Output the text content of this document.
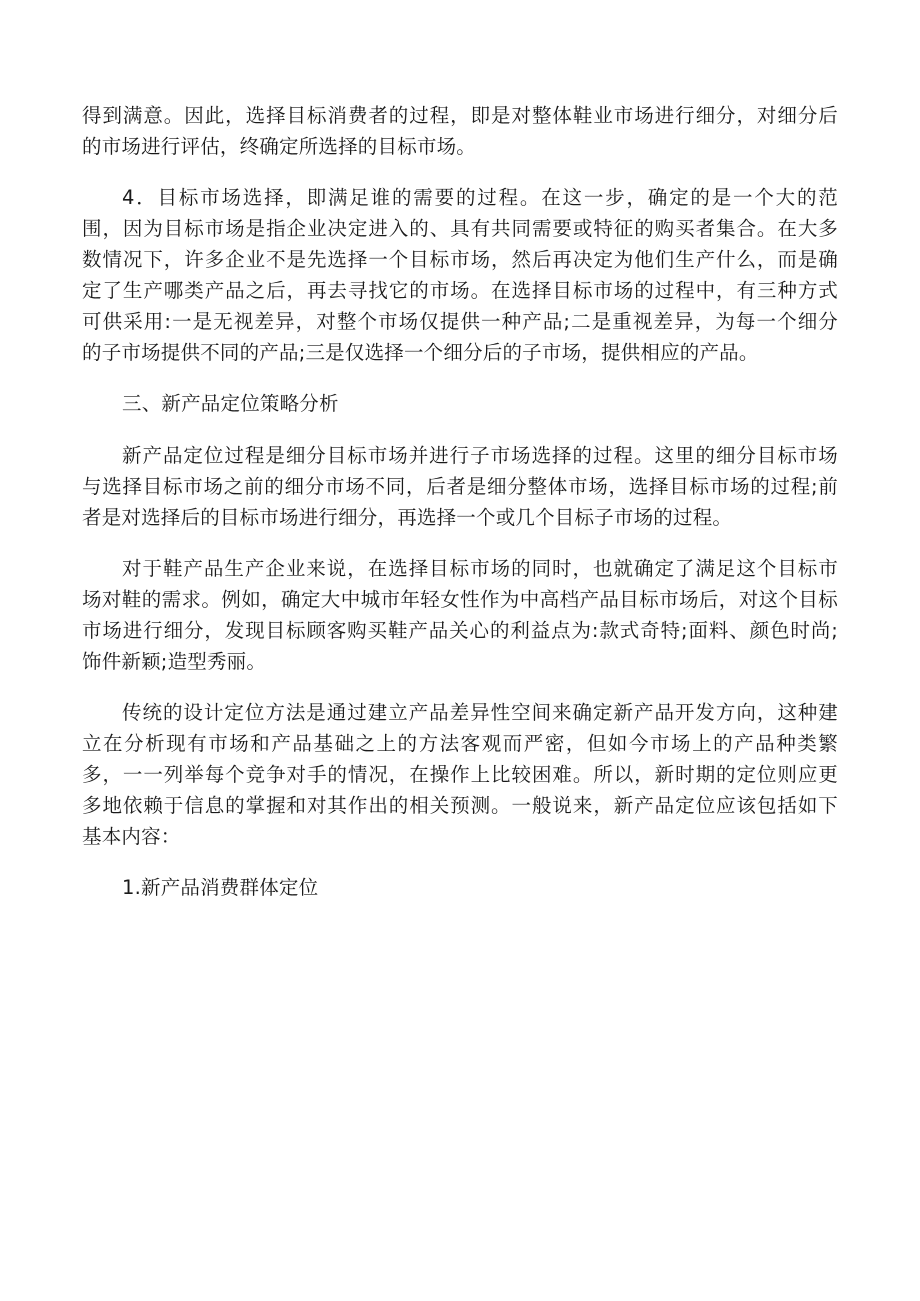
得到满意。因此，选择目标消费者的过程，即是对整体鞋业市场进行细分，对细分后
的市场进行评估，终确定所选择的目标市场。
4．目标市场选择，即满足谁的需要的过程。在这一步，确定的是一个大的范
围，因为目标市场是指企业决定进入的、具有共同需要或特征的购买者集合。在大多
数情况下，许多企业不是先选择一个目标市场，然后再决定为他们生产什么，而是确
定了生产哪类产品之后，再去寻找它的市场。在选择目标市场的过程中，有三种方式
可供采用:一是无视差异，对整个市场仅提供一种产品;二是重视差异，为每一个细分
的子市场提供不同的产品;三是仅选择一个细分后的子市场，提供相应的产品。
三、新产品定位策略分析
新产品定位过程是细分目标市场并进行子市场选择的过程。这里的细分目标市场
与选择目标市场之前的细分市场不同，后者是细分整体市场，选择目标市场的过程;前
者是对选择后的目标市场进行细分，再选择一个或几个目标子市场的过程。
对于鞋产品生产企业来说，在选择目标市场的同时，也就确定了满足这个目标市
场对鞋的需求。例如，确定大中城市年轻女性作为中高档产品目标市场后，对这个目标
市场进行细分，发现目标顾客购买鞋产品关心的利益点为:款式奇特;面料、颜色时尚;
饰件新颖;造型秀丽。
传统的设计定位方法是通过建立产品差异性空间来确定新产品开发方向，这种建
立在分析现有市场和产品基础之上的方法客观而严密，但如今市场上的产品种类繁
多，一一列举每个竞争对手的情况，在操作上比较困难。所以，新时期的定位则应更
多地依赖于信息的掌握和对其作出的相关预测。一般说来，新产品定位应该包括如下
基本内容：
1.新产品消费群体定位
